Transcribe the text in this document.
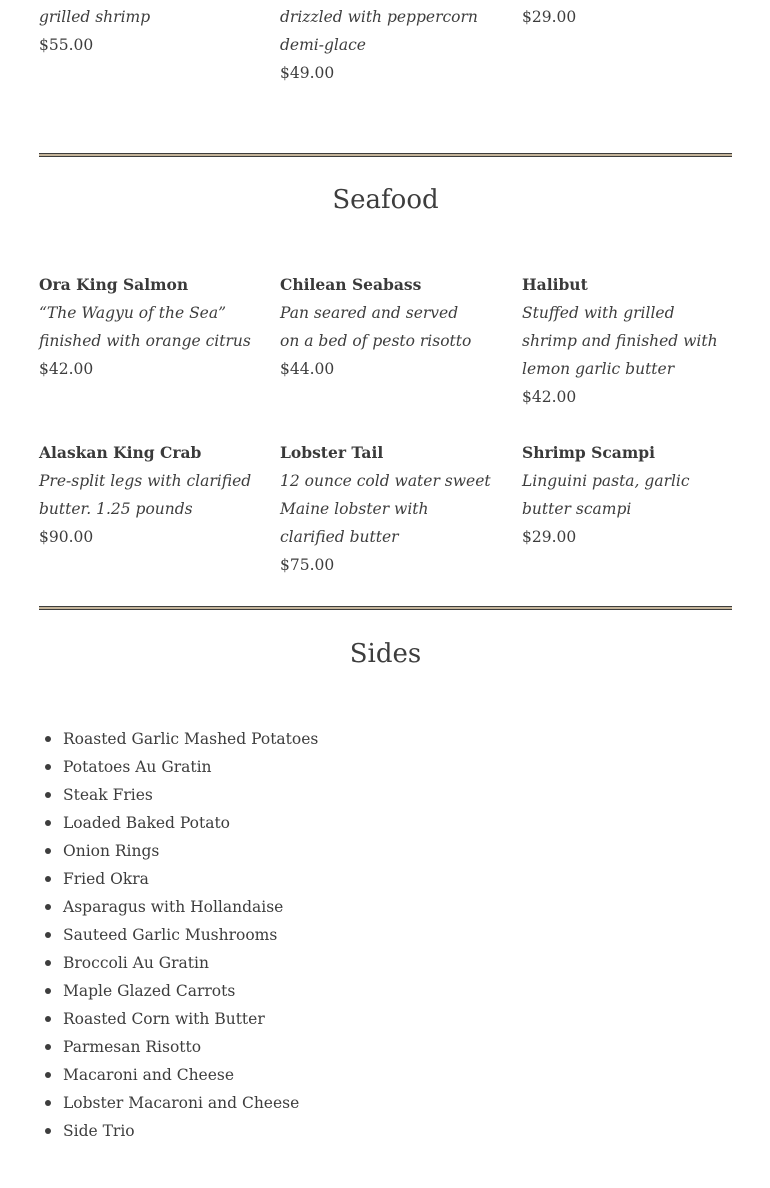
grilled shrimp
$55.00
drizzled with peppercorn demi-glace
$49.00
$29.00
Seafood
Ora King Salmon
“The Wagyu of the Sea” finished with orange citrus
$42.00
Chilean Seabass
Pan seared and served on a bed of pesto risotto
$44.00
Halibut
Stuffed with grilled shrimp and finished with lemon garlic butter
$42.00
Alaskan King Crab
Pre-split legs with clarified butter. 1.25 pounds
$90.00
Lobster Tail
12 ounce cold water sweet Maine lobster with clarified butter
$75.00
Shrimp Scampi
Linguini pasta, garlic butter scampi
$29.00
Sides
Roasted Garlic Mashed Potatoes
Potatoes Au Gratin
Steak Fries
Loaded Baked Potato
Onion Rings
Fried Okra
Asparagus with Hollandaise
Sauteed Garlic Mushrooms
Broccoli Au Gratin
Maple Glazed Carrots
Roasted Corn with Butter
Parmesan Risotto
Macaroni and Cheese
Lobster Macaroni and Cheese
Side Trio
